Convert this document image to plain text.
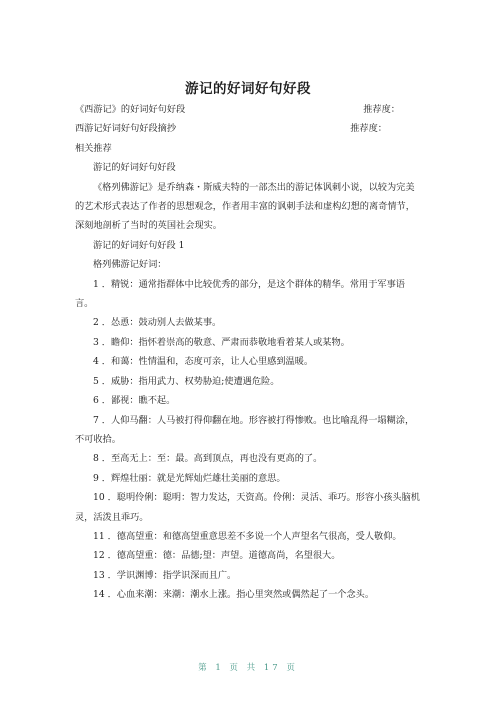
游记的好词好句好段
《西游记》的好词好句好段	推荐度：
西游记好词好句好段摘抄	推荐度：
相关推荐

游记的好词好句好段

《格列佛游记》是乔纳森・斯威夫特的一部杰出的游记体讽刺小说，以较为完美的艺术形式表达了作者的思想观念，作者用丰富的讽刺手法和虚构幻想的离奇情节，深刻地剖析了当时的英国社会现实。

游记的好词好句好段 1

格列佛游记好词：

1 ．精锐：通常指群体中比较优秀的部分，是这个群体的精华。常用于军事语言。

2 ．怂恿：鼓动别人去做某事。

3 ．瞻仰：指怀着崇高的敬意、严肃而恭敬地看着某人或某物。

4 ．和蔼：性情温和，态度可亲，让人心里感到温暖。

5 ．威胁：指用武力、权势胁迫;使遭遇危险。

6 ．鄙视：瞧不起。

7 ．人仰马翻：人马被打得仰翻在地。形容被打得惨败。也比喻乱得一塌糊涂，不可收拾。

8 ．至高无上：至：最。高到顶点，再也没有更高的了。

9 ．辉煌壮丽：就是光辉灿烂雄壮美丽的意思。

10 ．聪明伶俐：聪明：智力发达，天资高。伶俐：灵活、乖巧。形容小孩头脑机灵，活泼且乖巧。

11 ．德高望重：和德高望重意思差不多说一个人声望名气很高，受人敬仰。

12 ．德高望重：德：品德;望：声望。道德高尚，名望很大。

13 ．学识渊博：指学识深而且广。

14 ．心血来潮：来潮：潮水上涨。指心里突然或偶然起了一个念头。

第 1 页 共 17 页
